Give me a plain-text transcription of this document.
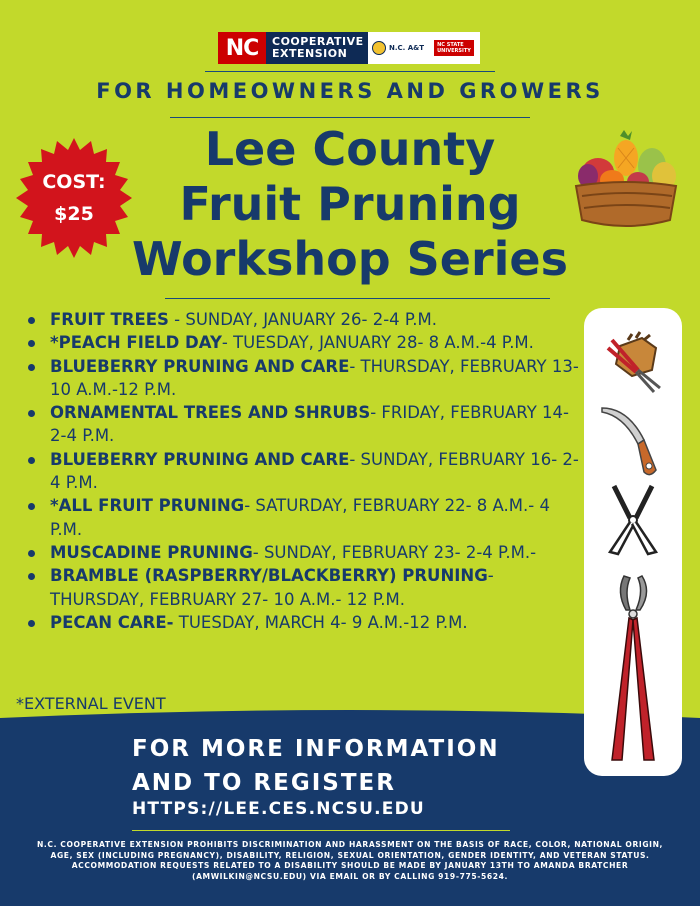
NC	COOPERATIVE
EXTENSION	N.C. A&T	NC STATE
UNIVERSITY
FOR HOMEOWNERS AND GROWERS
Lee County
Fruit Pruning
Workshop Series
COST:
$25
FRUIT TREES - SUNDAY, JANUARY 26- 2-4 P.M.
*PEACH FIELD DAY- TUESDAY, JANUARY 28- 8 A.M.-4 P.M.
BLUEBERRY PRUNING AND CARE- THURSDAY, FEBRUARY 13- 10 A.M.-12 P.M.
ORNAMENTAL TREES AND SHRUBS- FRIDAY, FEBRUARY 14- 2-4 P.M.
BLUEBERRY PRUNING AND CARE- SUNDAY, FEBRUARY 16- 2-4 P.M.
*ALL FRUIT PRUNING- SATURDAY, FEBRUARY 22- 8 A.M.- 4 P.M.
MUSCADINE PRUNING- SUNDAY, FEBRUARY 23- 2-4 P.M.-
BRAMBLE (RASPBERRY/BLACKBERRY) PRUNING- THURSDAY, FEBRUARY 27- 10 A.M.- 12 P.M.
PECAN CARE- TUESDAY, MARCH 4- 9 A.M.-12 P.M.
*EXTERNAL EVENT
FOR MORE INFORMATION
AND TO REGISTER
HTTPS://LEE.CES.NCSU.EDU
N.C. COOPERATIVE EXTENSION PROHIBITS DISCRIMINATION AND HARASSMENT ON THE BASIS OF RACE, COLOR, NATIONAL ORIGIN, AGE, SEX (INCLUDING PREGNANCY), DISABILITY, RELIGION, SEXUAL ORIENTATION, GENDER IDENTITY, AND VETERAN STATUS. ACCOMMODATION REQUESTS RELATED TO A DISABILITY SHOULD BE MADE BY JANUARY 13TH TO AMANDA BRATCHER (AMWILKIN@NCSU.EDU) VIA EMAIL OR BY CALLING 919-775-5624.
